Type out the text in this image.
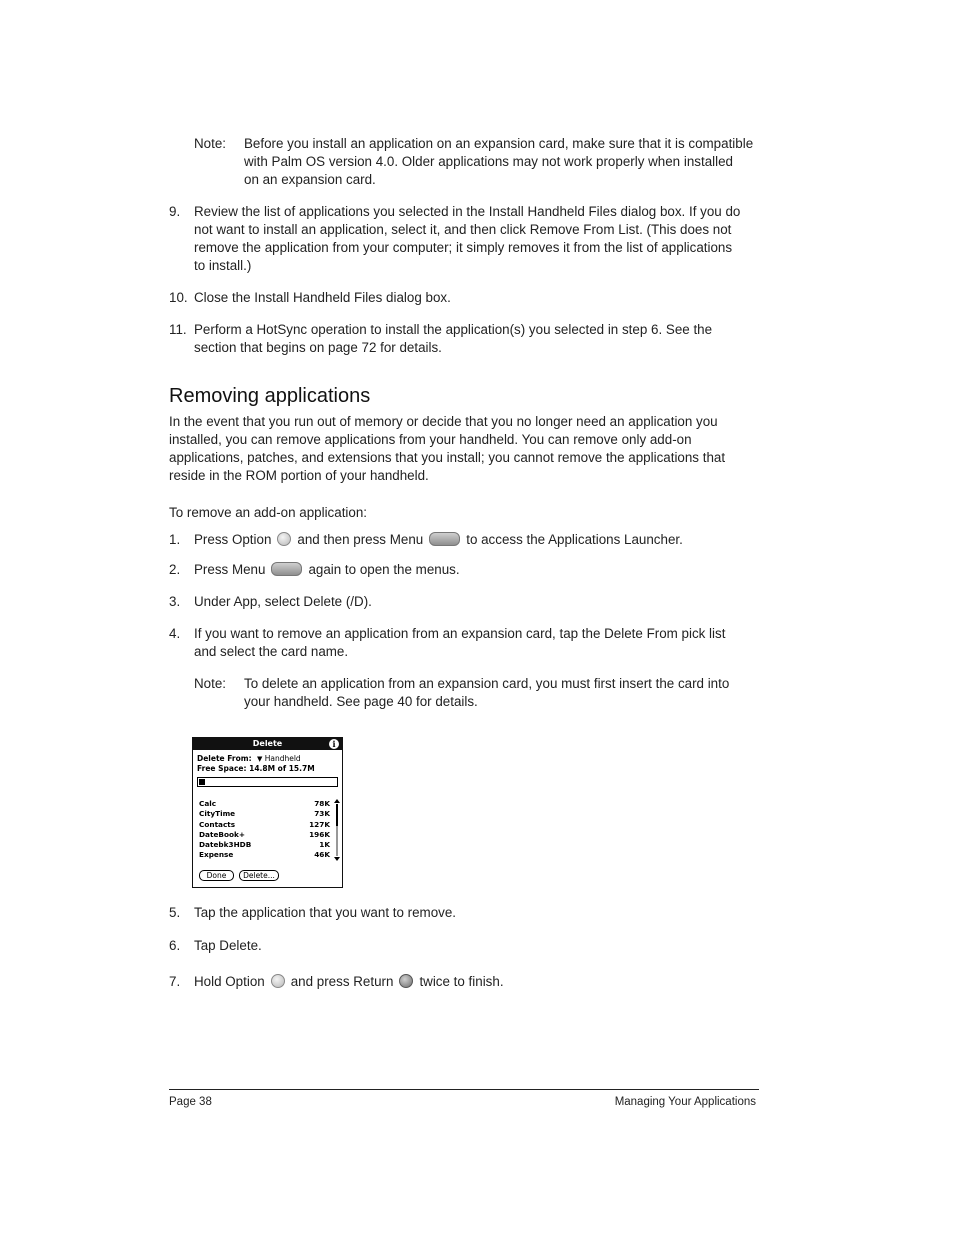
Note: Before you install an application on an expansion card, make sure that it is compatible
with Palm OS version 4.0. Older applications may not work properly when installed
on an expansion card.
9.	Review the list of applications you selected in the Install Handheld Files dialog box. If you do
not want to install an application, select it, and then click Remove From List. (This does not
remove the application from your computer; it simply removes it from the list of applications
to install.)
10. Close the Install Handheld Files dialog box.
11. Perform a HotSync operation to install the application(s) you selected in step 6. See the
section that begins on page 72 for details.
Removing applications
In the event that you run out of memory or decide that you no longer need an application you
installed, you can remove applications from your handheld. You can remove only add-on
applications, patches, and extensions that you install; you cannot remove the applications that
reside in the ROM portion of your handheld.
To remove an add-on application:
1.	Press Option and then press Menu	to access the Applications Launcher.
2.	Press Menu	again to open the menus.
3.	Under App, select Delete (/D).
4.	If you want to remove an application from an expansion card, tap the Delete From pick list
and select the card name.
Note: To delete an application from an expansion card, you must first insert the card into
your handheld. See page 40 for details.
Delete	i
Delete From: ▼ Handheld
Free Space: 14.8M of 15.7M
Calc	78K
CityTime	73K
Contacts	127K
DateBook+	196K
Datebk3HDB	1K
Expense	46K
Done	Delete...
5.	Tap the application that you want to remove.
6.	Tap Delete.
7.	Hold Option and press Return twice to finish.
Page 38	Managing Your Applications
